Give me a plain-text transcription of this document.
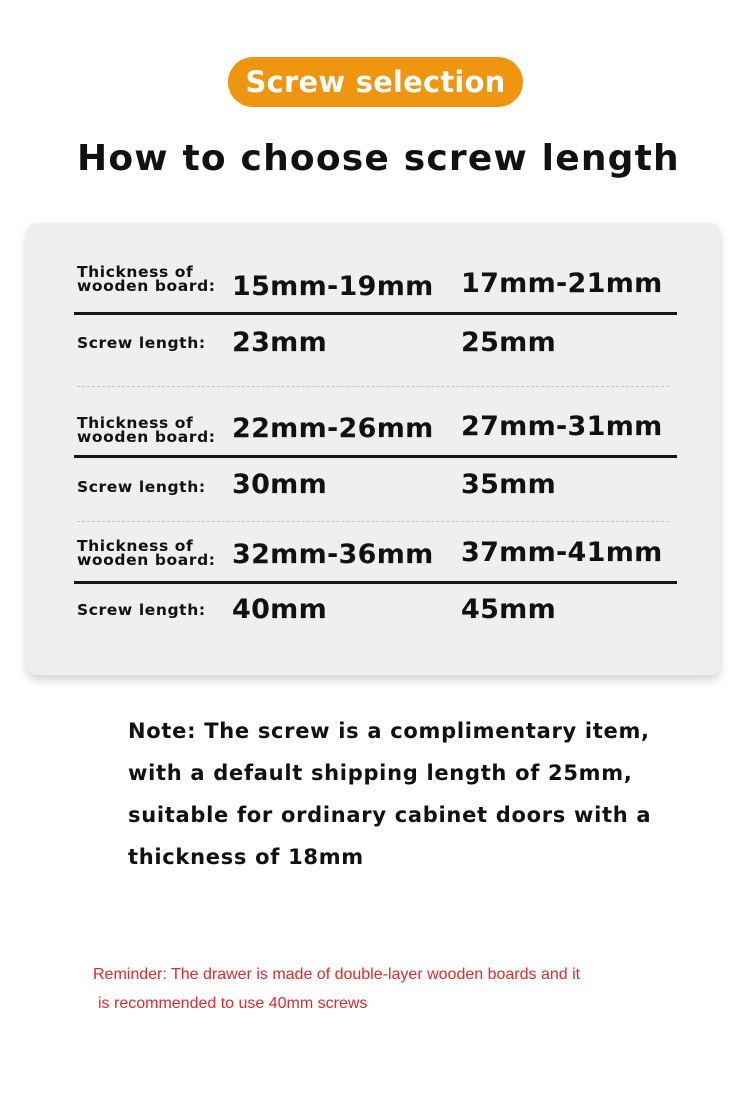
Screw selection
How to choose screw length
Thickness of
wooden board: 15mm-19mm 17mm-21mm
Screw length: 23mm	25mm
Thickness of
wooden board: 22mm-26mm 27mm-31mm
Screw length: 30mm	35mm
Thickness of
wooden board: 32mm-36mm 37mm-41mm
Screw length: 40mm	45mm
Note: The screw is a complimentary item,
with a default shipping length of 25mm,
suitable for ordinary cabinet doors with a
thickness of 18mm
Reminder: The drawer is made of double-layer wooden boards and it
is recommended to use 40mm screws
